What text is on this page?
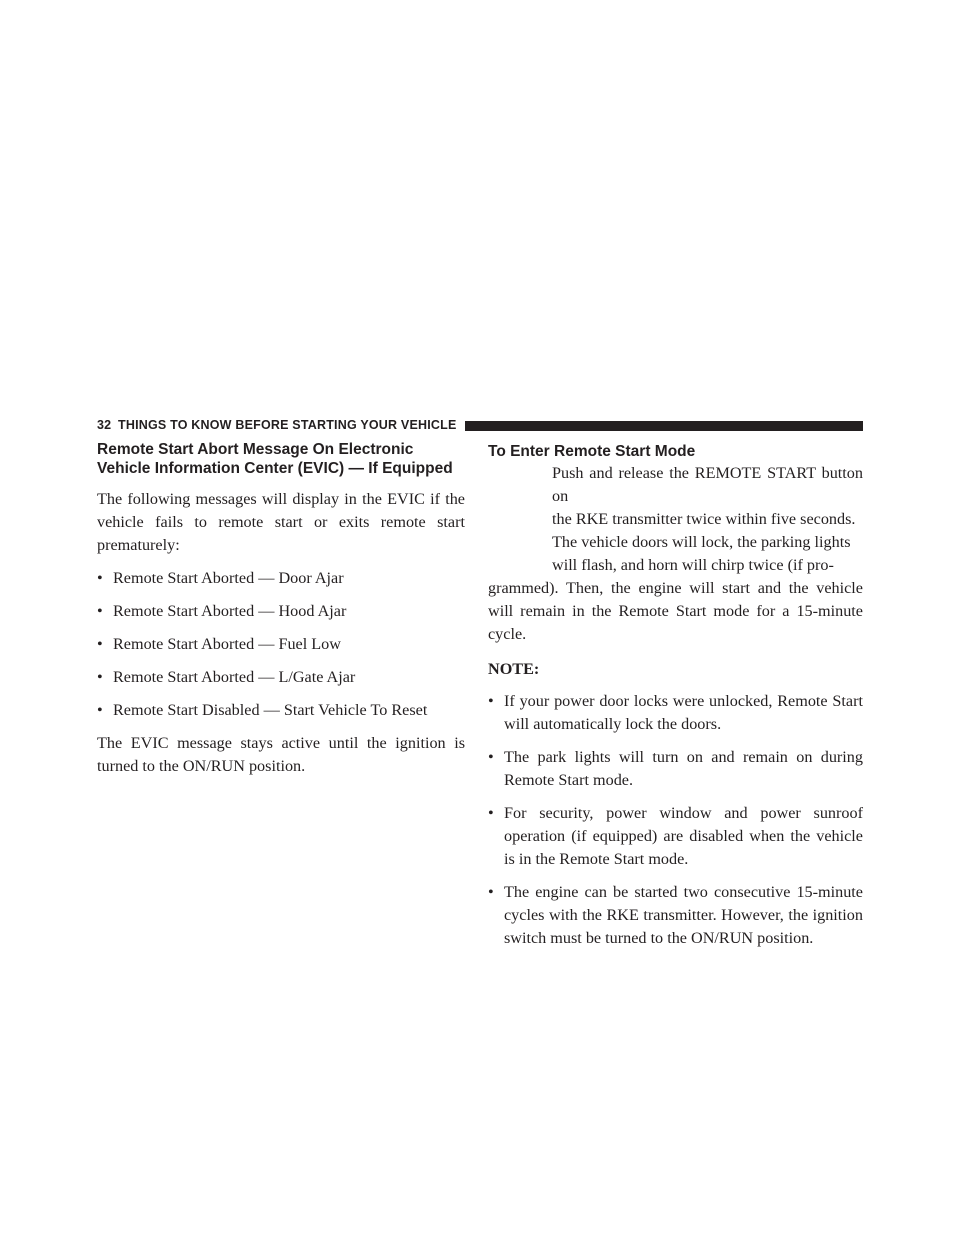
32 THINGS TO KNOW BEFORE STARTING YOUR VEHICLE
Remote Start Abort Message On Electronic
Vehicle Information Center (EVIC) — If Equipped

The following messages will display in the EVIC if the vehicle fails to remote start or exits remote start prematurely:

• Remote Start Aborted — Door Ajar
• Remote Start Aborted — Hood Ajar
• Remote Start Aborted — Fuel Low
• Remote Start Aborted — L/Gate Ajar
• Remote Start Disabled — Start Vehicle To Reset

The EVIC message stays active until the ignition is turned to the ON/RUN position.

To Enter Remote Start Mode
Push and release the REMOTE START button on
the RKE transmitter twice within five seconds.
The vehicle doors will lock, the parking lights
will flash, and horn will chirp twice (if pro-
grammed). Then, the engine will start and the vehicle will remain in the Remote Start mode for a 15-minute cycle.
NOTE:
• If your power door locks were unlocked, Remote Start will automatically lock the doors.
• The park lights will turn on and remain on during Remote Start mode.
• For security, power window and power sunroof operation (if equipped) are disabled when the vehicle is in the Remote Start mode.
• The engine can be started two consecutive 15-minute cycles with the RKE transmitter. However, the ignition switch must be turned to the ON/RUN position.
